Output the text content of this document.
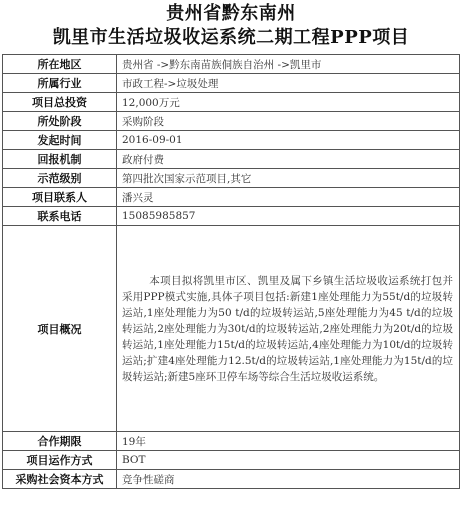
贵州省黔东南州
凯里市生活垃圾收运系统二期工程PPP项目
所在地区	贵州省 ->黔东南苗族侗族自治州 ->凯里市
所属行业	市政工程->垃圾处理
项目总投资	12,000万元
所处阶段	采购阶段
发起时间	2016-09-01
回报机制	政府付费
示范级别	第四批次国家示范项目,其它
项目联系人	潘兴灵
联系电话	15085985857
项目概况	本项目拟将凯里市区、凯里及属下乡镇生活垃圾收运系统打包并采用PPP模式实施,具体子项目包括:新建1座处理能力为55t/d的垃圾转运站,1座处理能力为50 t/d的垃圾转运站,5座处理能力为45 t/d的垃圾转运站,2座处理能力为30t/d的垃圾转运站,2座处理能力为20t/d的垃圾转运站,1座处理能力15t/d的垃圾转运站,4座处理能力为10t/d的垃圾转运站;扩建4座处理能力12.5t/d的垃圾转运站,1座处理能力为15t/d的垃圾转运站;新建5座环卫停车场等综合生活垃圾收运系统。
合作期限	19年
项目运作方式	BOT
采购社会资本方式	竞争性磋商
